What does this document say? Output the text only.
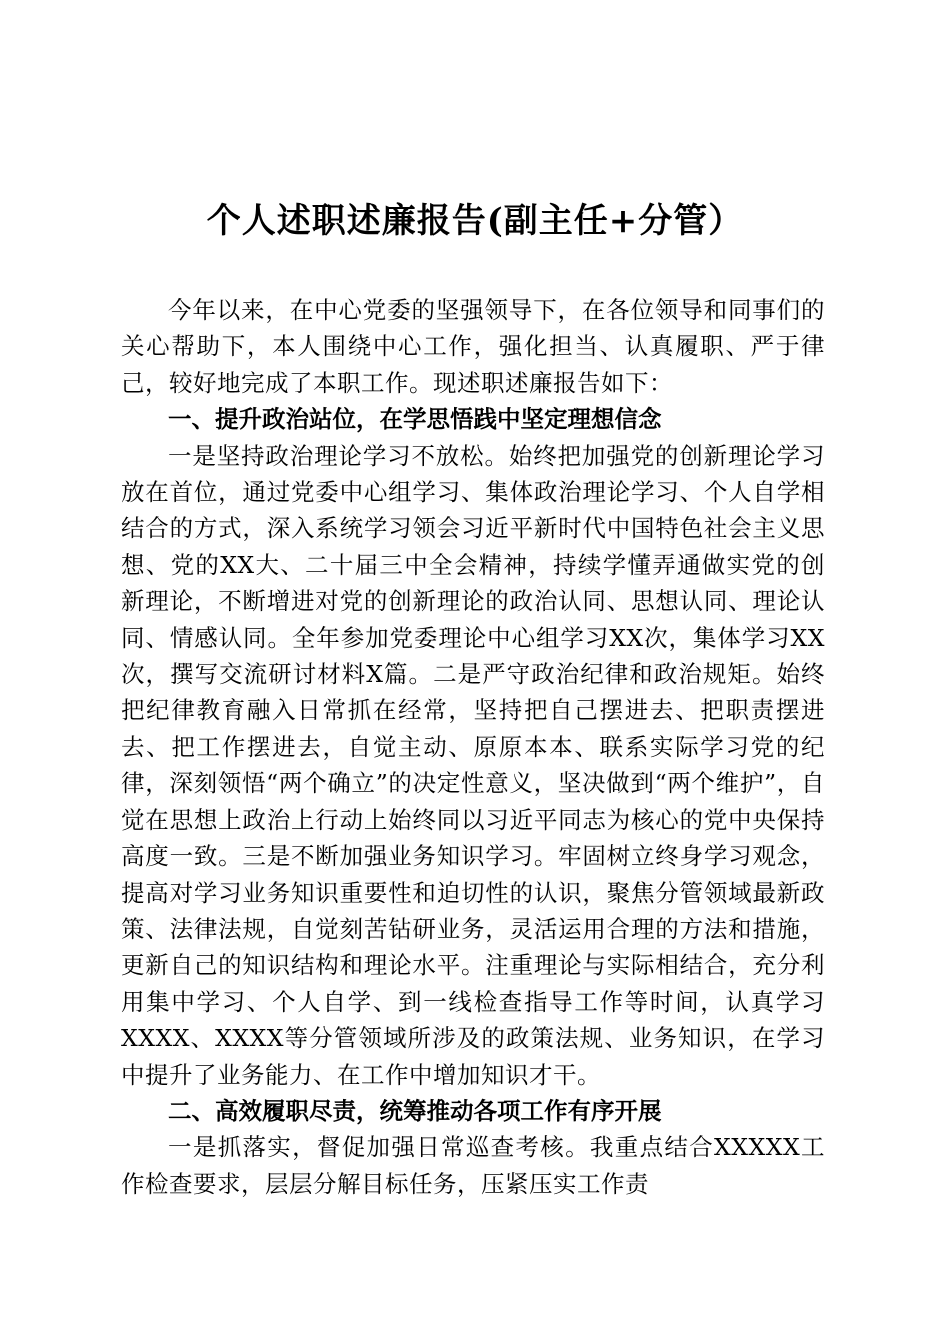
个人述职述廉报告(副主任+分管）

今年以来，在中心党委的坚强领导下，在各位领导和同事们的关心帮助下，本人围绕中心工作，强化担当、认真履职、严于律己，较好地完成了本职工作。现述职述廉报告如下：

一、提升政治站位，在学思悟践中坚定理想信念

一是坚持政治理论学习不放松。始终把加强党的创新理论学习放在首位，通过党委中心组学习、集体政治理论学习、个人自学相结合的方式，深入系统学习领会习近平新时代中国特色社会主义思想、党的XX大、二十届三中全会精神，持续学懂弄通做实党的创新理论，不断增进对党的创新理论的政治认同、思想认同、理论认同、情感认同。全年参加党委理论中心组学习XX次，集体学习XX次，撰写交流研讨材料X篇。二是严守政治纪律和政治规矩。始终把纪律教育融入日常抓在经常，坚持把自己摆进去、把职责摆进去、把工作摆进去，自觉主动、原原本本、联系实际学习党的纪律，深刻领悟“两个确立”的决定性意义，坚决做到“两个维护”，自觉在思想上政治上行动上始终同以习近平同志为核心的党中央保持高度一致。三是不断加强业务知识学习。牢固树立终身学习观念，提高对学习业务知识重要性和迫切性的认识，聚焦分管领域最新政策、法律法规，自觉刻苦钻研业务，灵活运用合理的方法和措施，更新自己的知识结构和理论水平。注重理论与实际相结合，充分利用集中学习、个人自学、到一线检查指导工作等时间，认真学习XXXX、XXXX等分管领域所涉及的政策法规、业务知识，在学习中提升了业务能力、在工作中增加知识才干。

二、高效履职尽责，统筹推动各项工作有序开展

一是抓落实，督促加强日常巡查考核。我重点结合XXXXX工作检查要求，层层分解目标任务，压紧压实工作责
